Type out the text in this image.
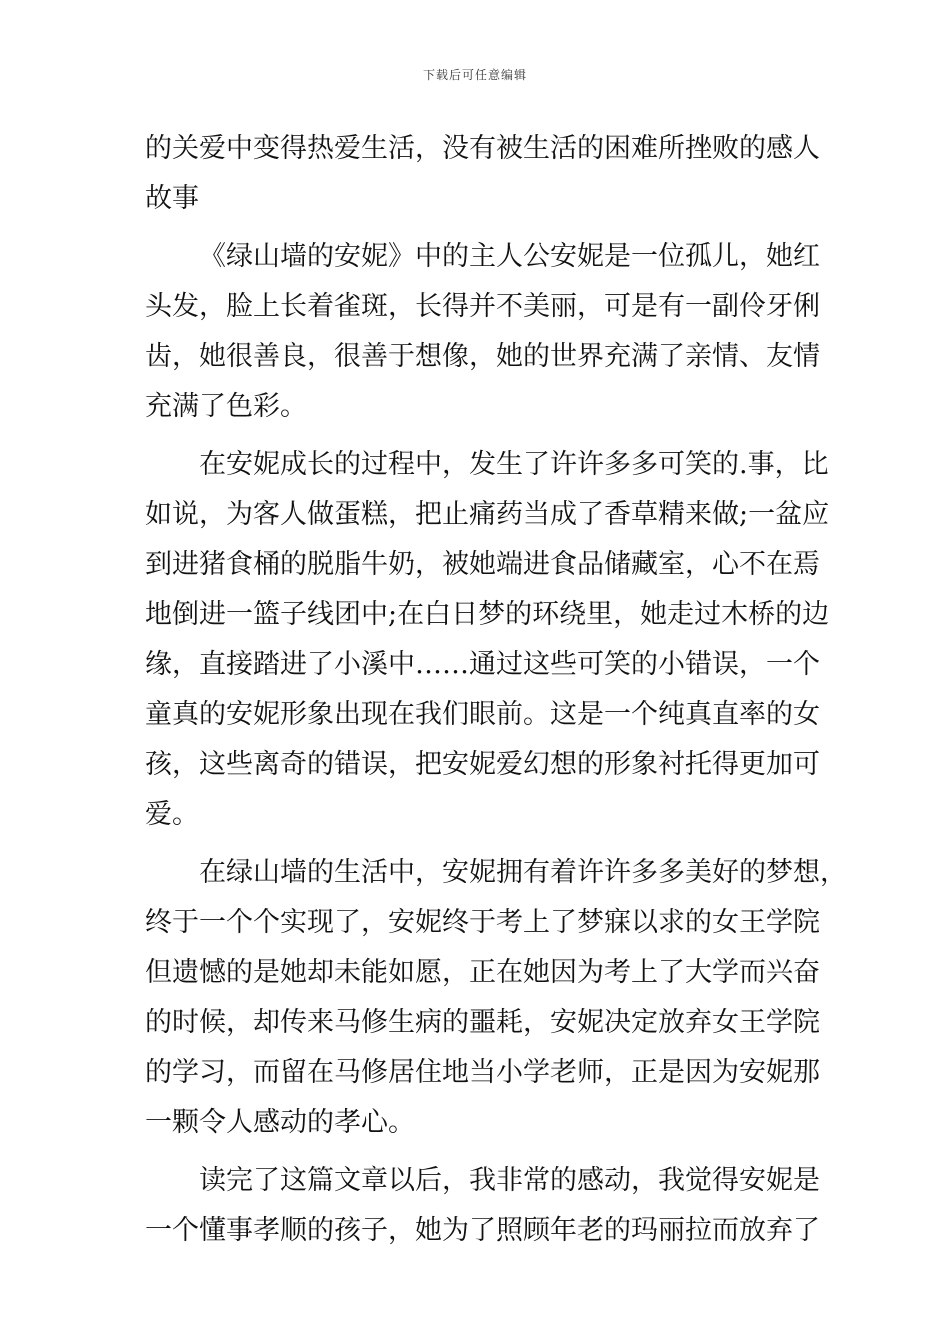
下载后可任意编辑
的关爱中变得热爱生活，没有被生活的困难所挫败的感人
故事
《绿山墙的安妮》中的主人公安妮是一位孤儿，她红
头发，脸上长着雀斑，长得并不美丽，可是有一副伶牙俐
齿，她很善良，很善于想像，她的世界充满了亲情、友情
充满了色彩。
在安妮成长的过程中，发生了许许多多可笑的.事，比
如说，为客人做蛋糕，把止痛药当成了香草精来做;一盆应
到进猪食桶的脱脂牛奶，被她端进食品储藏室，心不在焉
地倒进一篮子线团中;在白日梦的环绕里，她走过木桥的边
缘，直接踏进了小溪中……通过这些可笑的小错误，一个
童真的安妮形象出现在我们眼前。这是一个纯真直率的女
孩，这些离奇的错误，把安妮爱幻想的形象衬托得更加可
爱。
在绿山墙的生活中，安妮拥有着许许多多美好的梦想，
终于一个个实现了，安妮终于考上了梦寐以求的女王学院
但遗憾的是她却未能如愿，正在她因为考上了大学而兴奋
的时候，却传来马修生病的噩耗，安妮决定放弃女王学院
的学习，而留在马修居住地当小学老师，正是因为安妮那
一颗令人感动的孝心。
读完了这篇文章以后，我非常的感动，我觉得安妮是
一个懂事孝顺的孩子，她为了照顾年老的玛丽拉而放弃了
